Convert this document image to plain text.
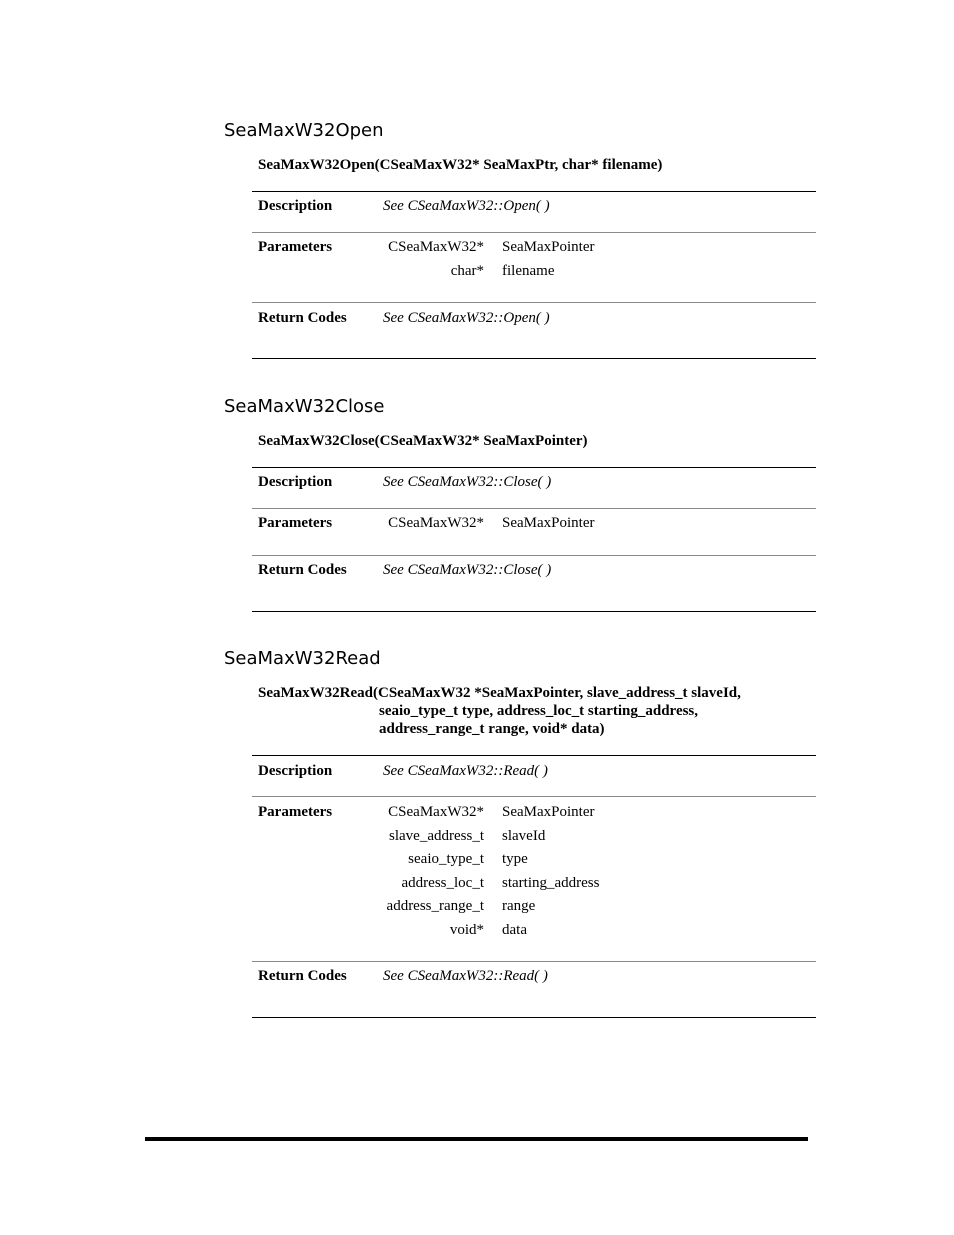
SeaMaxW32Open

SeaMaxW32Open(CSeaMaxW32* SeaMaxPtr, char* filename)

Description	See CSeaMaxW32::Open( )
Parameters	CSeaMaxW32* SeaMaxPointer
char* filename
Return Codes See CSeaMaxW32::Open( )
SeaMaxW32Close

SeaMaxW32Close(CSeaMaxW32* SeaMaxPointer)

Description	See CSeaMaxW32::Close( )
Parameters	CSeaMaxW32* SeaMaxPointer
Return Codes See CSeaMaxW32::Close( )
SeaMaxW32Read

SeaMaxW32Read(CSeaMaxW32 *SeaMaxPointer, slave_address_t slaveId,
seaio_type_t type, address_loc_t starting_address,
address_range_t range, void* data)

Description	See CSeaMaxW32::Read( )
Parameters	CSeaMaxW32* SeaMaxPointer
slave_address_t slaveId
seaio_type_t type
address_loc_t starting_address
address_range_t range
void* data
Return Codes See CSeaMaxW32::Read( )
